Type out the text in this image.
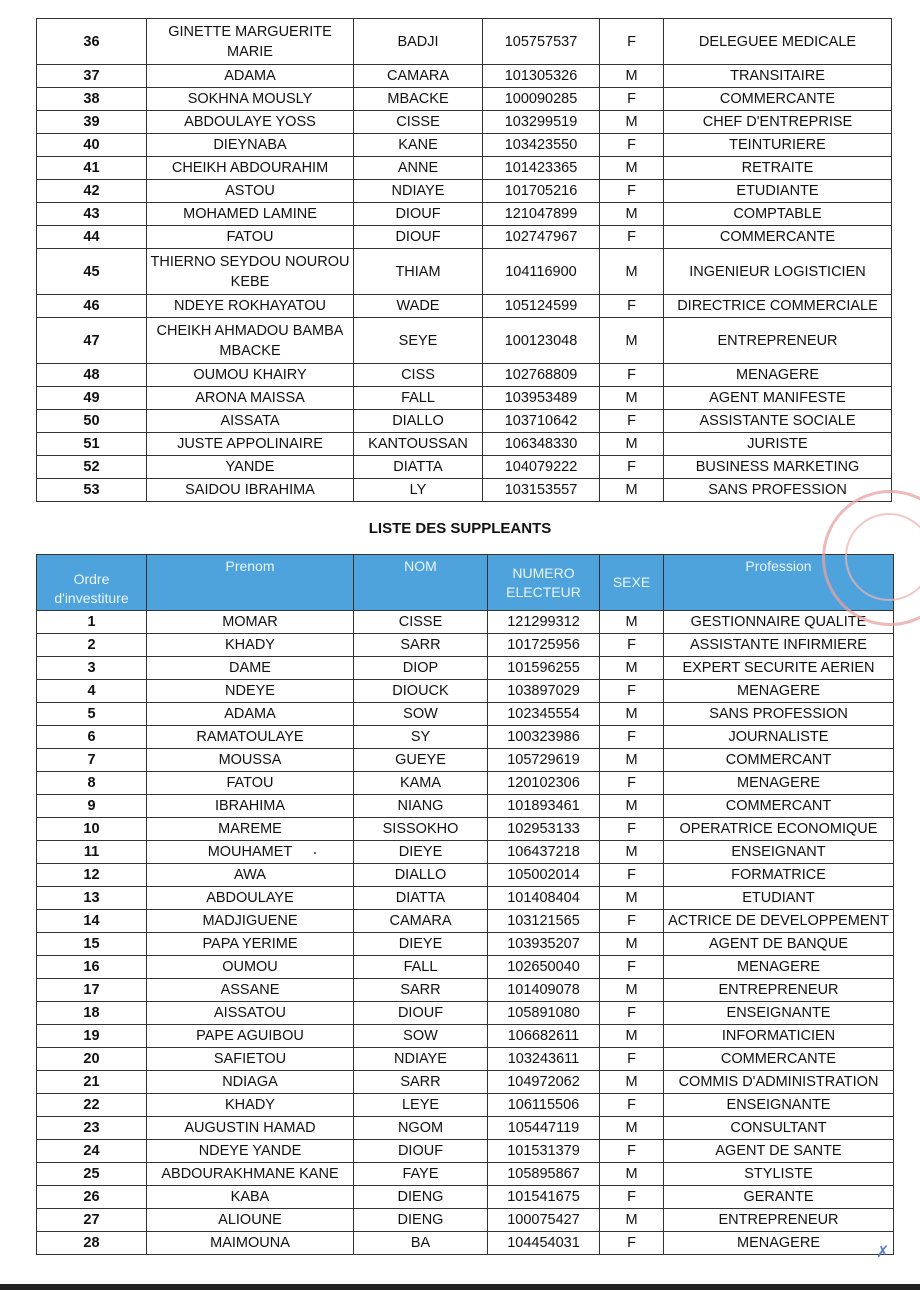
36	GINETTE MARGUERITE MARIE	BADJI	105757537	F	DELEGUEE MEDICALE
37	ADAMA	CAMARA	101305326	M	TRANSITAIRE
38	SOKHNA MOUSLY	MBACKE	100090285	F	COMMERCANTE
39	ABDOULAYE YOSS	CISSE	103299519	M	CHEF D'ENTREPRISE
40	DIEYNABA	KANE	103423550	F	TEINTURIERE
41	CHEIKH ABDOURAHIM	ANNE	101423365	M	RETRAITE
42	ASTOU	NDIAYE	101705216	F	ETUDIANTE
43	MOHAMED LAMINE	DIOUF	121047899	M	COMPTABLE
44	FATOU	DIOUF	102747967	F	COMMERCANTE
45	THIERNO SEYDOU NOUROU KEBE	THIAM	104116900	M	INGENIEUR LOGISTICIEN
46	NDEYE ROKHAYATOU	WADE	105124599	F	DIRECTRICE COMMERCIALE
47	CHEIKH AHMADOU BAMBA MBACKE	SEYE	100123048	M	ENTREPRENEUR
48	OUMOU KHAIRY	CISS	102768809	F	MENAGERE
49	ARONA MAISSA	FALL	103953489	M	AGENT MANIFESTE
50	AISSATA	DIALLO	103710642	F	ASSISTANTE SOCIALE
51	JUSTE APPOLINAIRE	KANTOUSSAN	106348330	M	JURISTE
52	YANDE	DIATTA	104079222	F	BUSINESS MARKETING
53	SAIDOU IBRAHIMA	LY	103153557	M	SANS PROFESSION
LISTE DES SUPPLEANTS
Ordre d'investiture	Prenom	NOM	NUMERO ELECTEUR	SEXE	Profession
1	MOMAR	CISSE	121299312	M	GESTIONNAIRE QUALITE
2	KHADY	SARR	101725956	F	ASSISTANTE INFIRMIERE
3	DAME	DIOP	101596255	M	EXPERT SECURITE AERIEN
4	NDEYE	DIOUCK	103897029	F	MENAGERE
5	ADAMA	SOW	102345554	M	SANS PROFESSION
6	RAMATOULAYE	SY	100323986	F	JOURNALISTE
7	MOUSSA	GUEYE	105729619	M	COMMERCANT
8	FATOU	KAMA	120102306	F	MENAGERE
9	IBRAHIMA	NIANG	101893461	M	COMMERCANT
10	MAREME	SISSOKHO	102953133	F	OPERATRICE ECONOMIQUE
11	MOUHAMET	DIEYE	106437218	M	ENSEIGNANT
12	AWA	DIALLO	105002014	F	FORMATRICE
13	ABDOULAYE	DIATTA	101408404	M	ETUDIANT
14	MADJIGUENE	CAMARA	103121565	F	ACTRICE DE DEVELOPPEMENT
15	PAPA YERIME	DIEYE	103935207	M	AGENT DE BANQUE
16	OUMOU	FALL	102650040	F	MENAGERE
17	ASSANE	SARR	101409078	M	ENTREPRENEUR
18	AISSATOU	DIOUF	105891080	F	ENSEIGNANTE
19	PAPE AGUIBOU	SOW	106682611	M	INFORMATICIEN
20	SAFIETOU	NDIAYE	103243611	F	COMMERCANTE
21	NDIAGA	SARR	104972062	M	COMMIS D'ADMINISTRATION
22	KHADY	LEYE	106115506	F	ENSEIGNANTE
23	AUGUSTIN HAMAD	NGOM	105447119	M	CONSULTANT
24	NDEYE YANDE	DIOUF	101531379	F	AGENT DE SANTE
25	ABDOURAKHMANE KANE	FAYE	105895867	M	STYLISTE
26	KABA	DIENG	101541675	F	GERANTE
27	ALIOUNE	DIENG	100075427	M	ENTREPRENEUR
28	MAIMOUNA	BA	104454031	F	MENAGERE
✗
